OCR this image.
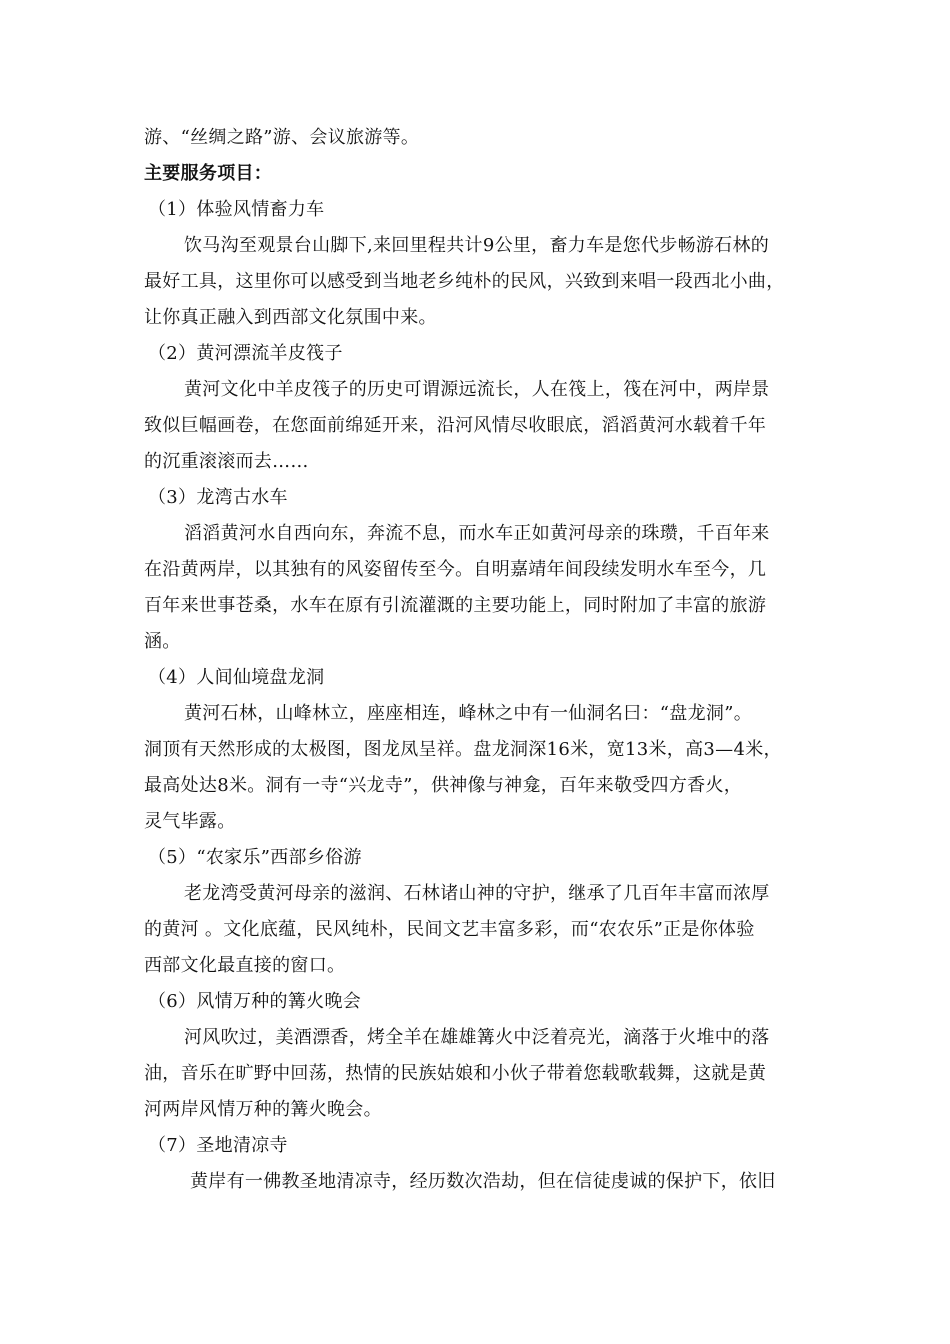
游、“丝绸之路”游、会议旅游等。
主要服务项目：
（1）体验风情畜力车
饮马沟至观景台山脚下,来回里程共计9公里，畜力车是您代步畅游石林的
最好工具，这里你可以感受到当地老乡纯朴的民风，兴致到来唱一段西北小曲，
让你真正融入到西部文化氛围中来。
（2）黄河漂流羊皮筏子
黄河文化中羊皮筏子的历史可谓源远流长，人在筏上，筏在河中，两岸景
致似巨幅画卷，在您面前绵延开来，沿河风情尽收眼底，滔滔黄河水载着千年
的沉重滚滚而去……
（3）龙湾古水车
滔滔黄河水自西向东，奔流不息，而水车正如黄河母亲的珠瓒，千百年来
在沿黄两岸，以其独有的风姿留传至今。自明嘉靖年间段续发明水车至今，几
百年来世事苍桑，水车在原有引流灌溉的主要功能上，同时附加了丰富的旅游
涵。
（4）人间仙境盘龙洞
黄河石林，山峰林立，座座相连，峰林之中有一仙洞名曰：“盘龙洞”。
洞顶有天然形成的太极图，图龙凤呈祥。盘龙洞深16米，宽13米，高3—4米，
最高处达8米。洞有一寺“兴龙寺”，供神像与神龛，百年来敬受四方香火，
灵气毕露。
（5）“农家乐”西部乡俗游
老龙湾受黄河母亲的滋润、石林诸山神的守护，继承了几百年丰富而浓厚
的黄河 。文化底蕴，民风纯朴，民间文艺丰富多彩，而“农农乐”正是你体验
西部文化最直接的窗口。
（6）风情万种的篝火晚会
河风吹过，美酒漂香，烤全羊在雄雄篝火中泛着亮光，滴落于火堆中的落
油，音乐在旷野中回荡，热情的民族姑娘和小伙子带着您载歌载舞，这就是黄
河两岸风情万种的篝火晚会。
（7）圣地清凉寺
黄岸有一佛教圣地清凉寺，经历数次浩劫，但在信徒虔诚的保护下，依旧
